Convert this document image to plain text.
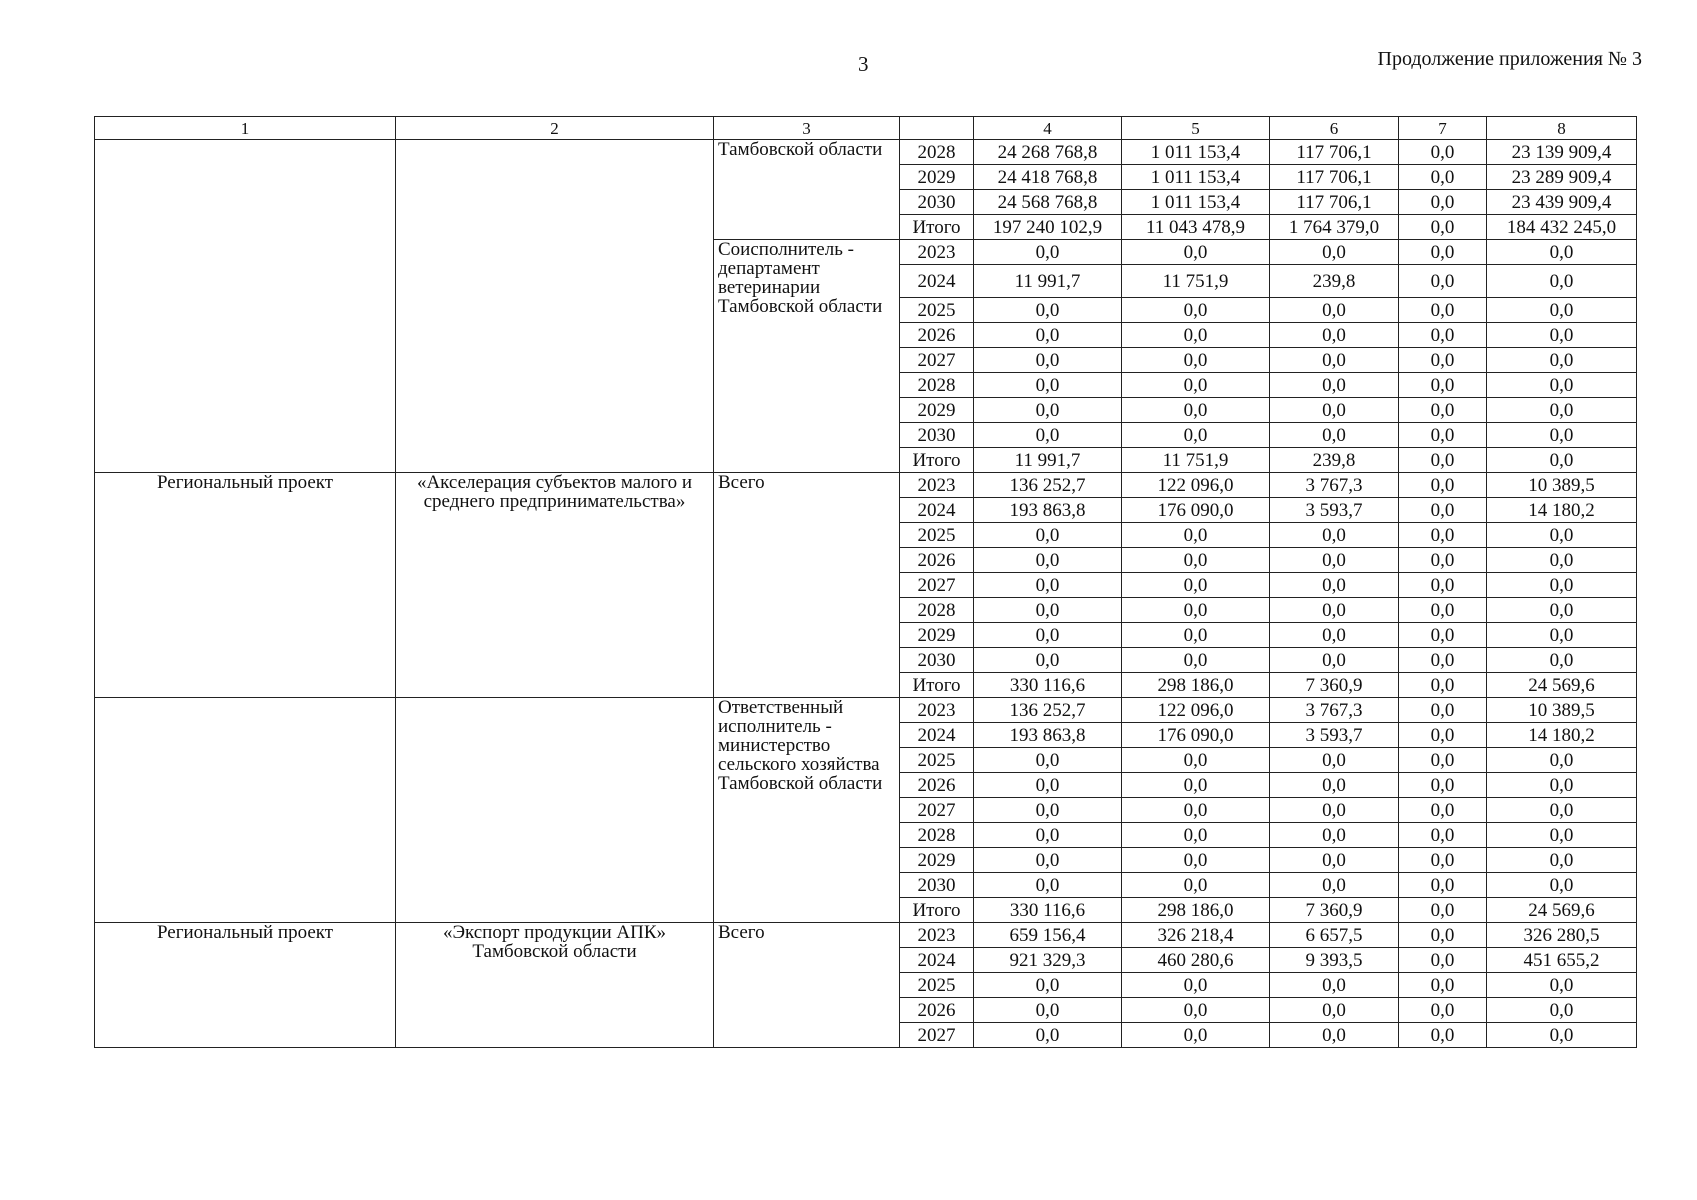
3	Продолжение приложения № 3
1	2	3		4	5	6	7	8
		Тамбовской области	2028	24 268 768,8	1 011 153,4	117 706,1	0,0	23 139 909,4
			2029	24 418 768,8	1 011 153,4	117 706,1	0,0	23 289 909,4
			2030	24 568 768,8	1 011 153,4	117 706,1	0,0	23 439 909,4
			Итого	197 240 102,9	11 043 478,9	1 764 379,0	0,0	184 432 245,0
		Соисполнитель - департамент ветеринарии Тамбовской области	2023	0,0	0,0	0,0	0,0	0,0
			2024	11 991,7	11 751,9	239,8	0,0	0,0
			2025	0,0	0,0	0,0	0,0	0,0
			2026	0,0	0,0	0,0	0,0	0,0
			2027	0,0	0,0	0,0	0,0	0,0
			2028	0,0	0,0	0,0	0,0	0,0
			2029	0,0	0,0	0,0	0,0	0,0
			2030	0,0	0,0	0,0	0,0	0,0
			Итого	11 991,7	11 751,9	239,8	0,0	0,0
Региональный проект	«Акселерация субъектов малого и среднего предпринимательства»	Всего	2023	136 252,7	122 096,0	3 767,3	0,0	10 389,5
			2024	193 863,8	176 090,0	3 593,7	0,0	14 180,2
			2025	0,0	0,0	0,0	0,0	0,0
			2026	0,0	0,0	0,0	0,0	0,0
			2027	0,0	0,0	0,0	0,0	0,0
			2028	0,0	0,0	0,0	0,0	0,0
			2029	0,0	0,0	0,0	0,0	0,0
			2030	0,0	0,0	0,0	0,0	0,0
			Итого	330 116,6	298 186,0	7 360,9	0,0	24 569,6
		Ответственный исполнитель - министерство сельского хозяйства Тамбовской области	2023	136 252,7	122 096,0	3 767,3	0,0	10 389,5
			2024	193 863,8	176 090,0	3 593,7	0,0	14 180,2
			2025	0,0	0,0	0,0	0,0	0,0
			2026	0,0	0,0	0,0	0,0	0,0
			2027	0,0	0,0	0,0	0,0	0,0
			2028	0,0	0,0	0,0	0,0	0,0
			2029	0,0	0,0	0,0	0,0	0,0
			2030	0,0	0,0	0,0	0,0	0,0
			Итого	330 116,6	298 186,0	7 360,9	0,0	24 569,6
Региональный проект	«Экспорт продукции АПК» Тамбовской области	Всего	2023	659 156,4	326 218,4	6 657,5	0,0	326 280,5
			2024	921 329,3	460 280,6	9 393,5	0,0	451 655,2
			2025	0,0	0,0	0,0	0,0	0,0
			2026	0,0	0,0	0,0	0,0	0,0
			2027	0,0	0,0	0,0	0,0	0,0
